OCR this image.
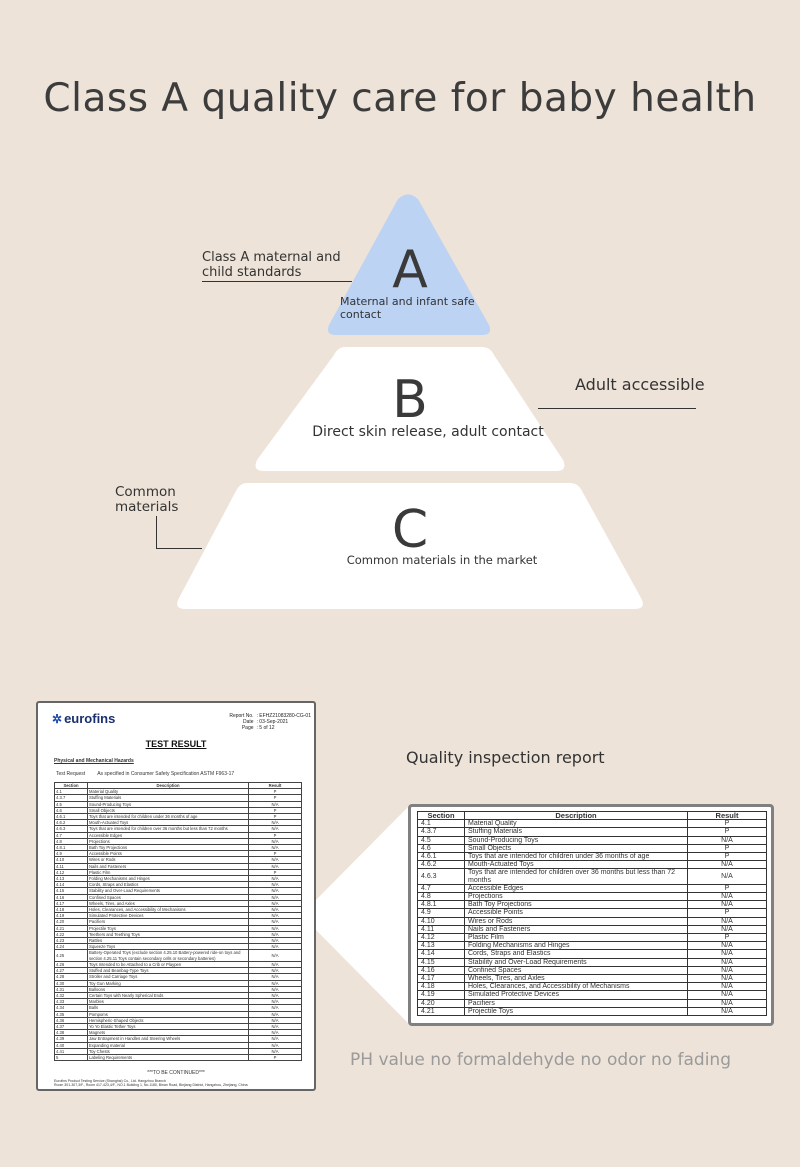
Class A quality care for baby health
A
Maternal and infant safe contact
B
Direct skin release, adult contact
C
Common materials in the market
Class A maternal and child standards
Adult accessible
Common materials
✲ eurofins	Report No. : EFHZ21083280-CG-01
Date : 03-Sep-2021
Page : 5 of 12
TEST RESULT
Physical and Mechanical Hazards
Test Request As specified in Consumer Safety Specification ASTM F963-17
Section	Description	Result
4.1	Material Quality	P
4.3.7	Stuffing Materials	P
4.5	Sound-Producing Toys	N/A
4.6	Small Objects	P
4.6.1	Toys that are intended for children under 36 months of age	P
4.6.2	Mouth-Actuated Toys	N/A
4.6.3	Toys that are intended for children over 36 months but less than 72 months	N/A
4.7	Accessible Edges	P
4.8	Projections	N/A
4.8.1	Bath Toy Projections	N/A
4.9	Accessible Points	P
4.10	Wires or Rods	N/A
4.11	Nails and Fasteners	N/A
4.12	Plastic Film	P
4.13	Folding Mechanisms and Hinges	N/A
4.14	Cords, Straps and Elastics	N/A
4.15	Stability and Over-Load Requirements	N/A
4.16	Confined Spaces	N/A
4.17	Wheels, Tires, and Axles	N/A
4.18	Holes, Clearances, and Accessibility of Mechanisms	N/A
4.19	Simulated Protective Devices	N/A
4.20	Pacifiers	N/A
4.21	Projectile Toys	N/A
4.22	Teethers and Teething Toys	N/A
4.23	Rattles	N/A
4.24	Squeeze Toys	N/A
4.25	Battery-Operated Toys (exclude section 4.25.10 Battery-powered ride-on toys and section 4.25.11 Toys contain secondary cells or secondary batteries)	N/A
4.26	Toys Intended to be Attached to a Crib or Playpen	N/A
4.27	Stuffed and Beanbag-Type Toys	N/A
4.28	Stroller and Carriage Toys	N/A
4.30	Toy Gun Marking	N/A
4.31	Balloons	N/A
4.32	Certain Toys with Nearly Spherical Ends	N/A
4.33	Marbles	N/A
4.34	Balls	N/A
4.35	Pompoms	N/A
4.36	Hemispheric-Shaped Objects	N/A
4.37	Yo Yo Elastic Tether Toys	N/A
4.38	Magnets	N/A
4.39	Jaw Entrapment in Handles and Steering Wheels	N/A
4.40	Expanding material	N/A
4.41	Toy Chests	N/A
5	Labeling Requirements	P
***TO BE CONTINUED***
Eurofins Product Testing Service (Shanghai) Co., Ltd. Hangzhou Branch
Room 301-307,3/F., Room 417-423,4/F., NO.1 Building 1, No.1180, Binan Road, Binjiang District, Hangzhou, Zhejiang, China
Quality inspection report
Section	Description	Result
4.1	Material Quality	P
4.3.7	Stuffing Materials	P
4.5	Sound-Producing Toys	N/A
4.6	Small Objects	P
4.6.1	Toys that are intended for children under 36 months of age	P
4.6.2	Mouth-Actuated Toys	N/A
4.6.3	Toys that are intended for children over 36 months but less than 72 months	N/A
4.7	Accessible Edges	P
4.8	Projections	N/A
4.8.1	Bath Toy Projections	N/A
4.9	Accessible Points	P
4.10	Wires or Rods	N/A
4.11	Nails and Fasteners	N/A
4.12	Plastic Film	P
4.13	Folding Mechanisms and Hinges	N/A
4.14	Cords, Straps and Elastics	N/A
4.15	Stability and Over-Load Requirements	N/A
4.16	Confined Spaces	N/A
4.17	Wheels, Tires, and Axles	N/A
4.18	Holes, Clearances, and Accessibility of Mechanisms	N/A
4.19	Simulated Protective Devices	N/A
4.20	Pacifiers	N/A
4.21	Projectile Toys	N/A
PH value no formaldehyde no odor no fading
